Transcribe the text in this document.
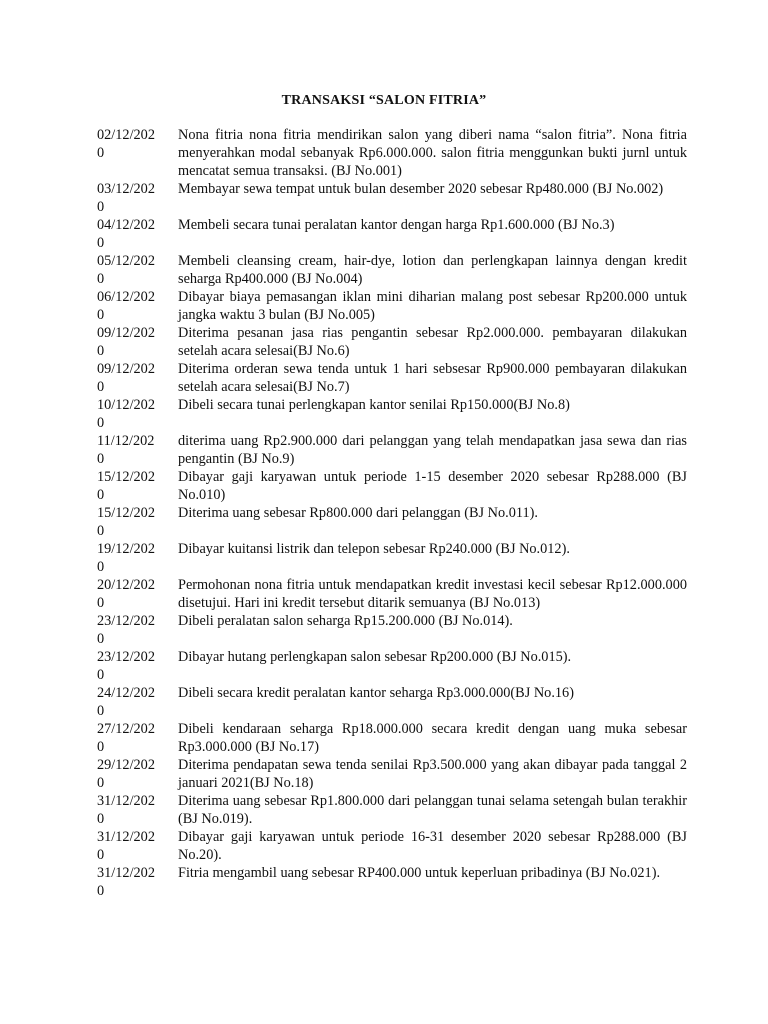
TRANSAKSI “SALON FITRIA”
02/12/2020
Nona fitria nona fitria mendirikan salon yang diberi nama “salon fitria”. Nona fitria menyerahkan modal sebanyak Rp6.000.000. salon fitria menggunkan bukti jurnl untuk mencatat semua transaksi. (BJ No.001)
03/12/2020
Membayar sewa tempat untuk bulan desember 2020 sebesar Rp480.000 (BJ No.002)
04/12/2020
Membeli secara tunai peralatan kantor dengan harga Rp1.600.000 (BJ No.3)
05/12/2020
Membeli cleansing cream, hair-dye, lotion dan perlengkapan lainnya dengan kredit seharga Rp400.000 (BJ No.004)
06/12/2020
Dibayar biaya pemasangan iklan mini diharian malang post sebesar Rp200.000 untuk jangka waktu 3 bulan (BJ No.005)
09/12/2020
Diterima pesanan jasa rias pengantin sebesar Rp2.000.000. pembayaran dilakukan setelah acara selesai(BJ No.6)
09/12/2020
Diterima orderan sewa tenda untuk 1 hari sebsesar Rp900.000 pembayaran dilakukan setelah acara selesai(BJ No.7)
10/12/2020
Dibeli secara tunai perlengkapan kantor senilai Rp150.000(BJ No.8)
11/12/2020
diterima uang Rp2.900.000 dari pelanggan yang telah mendapatkan jasa sewa dan rias pengantin (BJ No.9)
15/12/2020
Dibayar gaji karyawan untuk periode 1-15 desember 2020 sebesar Rp288.000 (BJ No.010)
15/12/2020
Diterima uang sebesar Rp800.000 dari pelanggan (BJ No.011).
19/12/2020
Dibayar kuitansi listrik dan telepon sebesar Rp240.000 (BJ No.012).
20/12/2020
Permohonan nona fitria untuk mendapatkan kredit investasi kecil sebesar Rp12.000.000 disetujui. Hari ini kredit tersebut ditarik semuanya (BJ No.013)
23/12/2020
Dibeli peralatan salon seharga Rp15.200.000 (BJ No.014).
23/12/2020
Dibayar hutang perlengkapan salon sebesar Rp200.000 (BJ No.015).
24/12/2020
Dibeli secara kredit peralatan kantor seharga Rp3.000.000(BJ No.16)
27/12/2020
Dibeli kendaraan seharga Rp18.000.000 secara kredit dengan uang muka sebesar Rp3.000.000 (BJ No.17)
29/12/2020
Diterima pendapatan sewa tenda senilai Rp3.500.000 yang akan dibayar pada tanggal 2 januari 2021(BJ No.18)
31/12/2020
Diterima uang sebesar Rp1.800.000 dari pelanggan tunai selama setengah bulan terakhir (BJ No.019).
31/12/2020
Dibayar gaji karyawan untuk periode 16-31 desember 2020 sebesar Rp288.000 (BJ No.20).
31/12/2020
Fitria mengambil uang sebesar RP400.000 untuk keperluan pribadinya (BJ No.021).
